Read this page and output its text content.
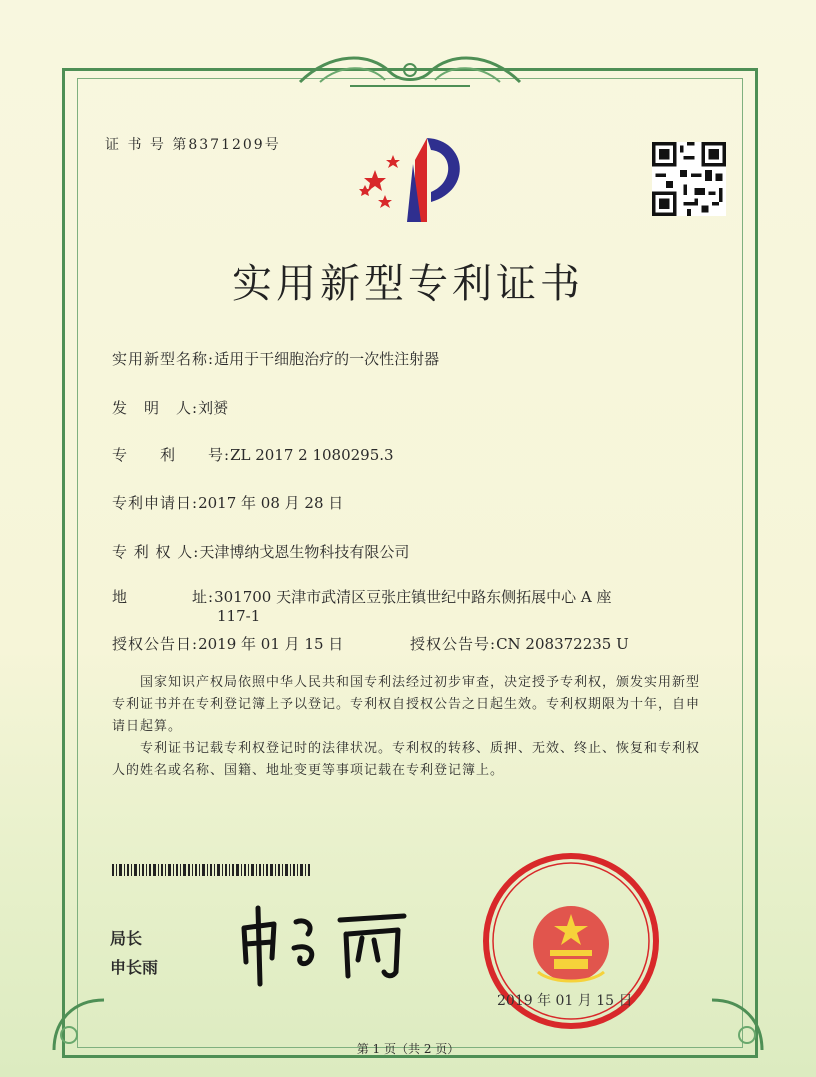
证 书 号 第8371209号
实用新型专利证书
实用新型名称:适用于干细胞治疗的一次性注射器
发　明　人:刘赟
专　　利　　号:ZL 2017 2 1080295.3
专利申请日:2017 年 08 月 28 日
专 利 权 人:天津博纳戈恩生物科技有限公司
地　　　　址:301700 天津市武清区豆张庄镇世纪中路东侧拓展中心 A 座
117-1
授权公告日:2019 年 01 月 15 日	授权公告号:CN 208372235 U
　　国家知识产权局依照中华人民共和国专利法经过初步审查，决定授予专利权，颁发实用新型专利证书并在专利登记簿上予以登记。专利权自授权公告之日起生效。专利权期限为十年，自申请日起算。
　　专利证书记载专利权登记时的法律状况。专利权的转移、质押、无效、终止、恢复和专利权人的姓名或名称、国籍、地址变更等事项记载在专利登记簿上。
局长
申长雨
2019 年 01 月 15 日
第 1 页（共 2 页）
